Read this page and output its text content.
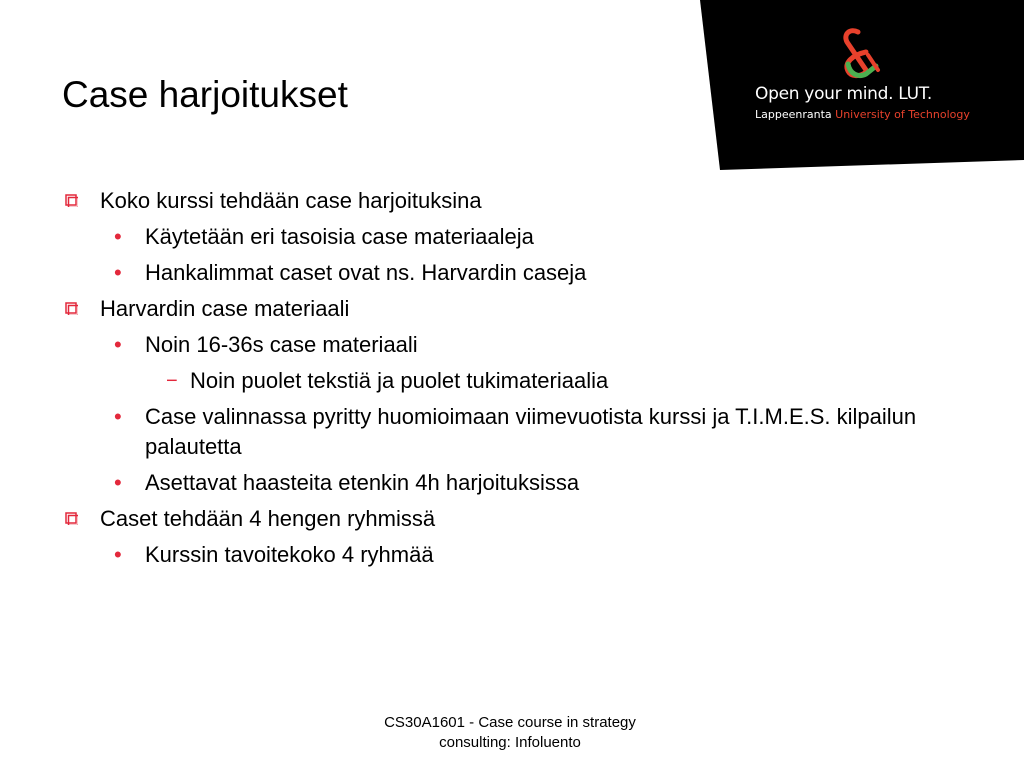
Open your mind. LUT.
Lappeenranta University of Technology
Case harjoitukset
Koko kurssi tehdään case harjoituksina
• Käytetään eri tasoisia case materiaaleja
• Hankalimmat caset ovat ns. Harvardin caseja
Harvardin case materiaali
• Noin 16-36s case materiaali
− Noin puolet tekstiä ja puolet tukimateriaalia
• Case valinnassa pyritty huomioimaan viimevuotista kurssi ja T.I.M.E.S. kilpailun palautetta
• Asettavat haasteita etenkin 4h harjoituksissa
Caset tehdään 4 hengen ryhmissä
• Kurssin tavoitekoko 4 ryhmää
CS30A1601 - Case course in strategy
consulting: Infoluento
